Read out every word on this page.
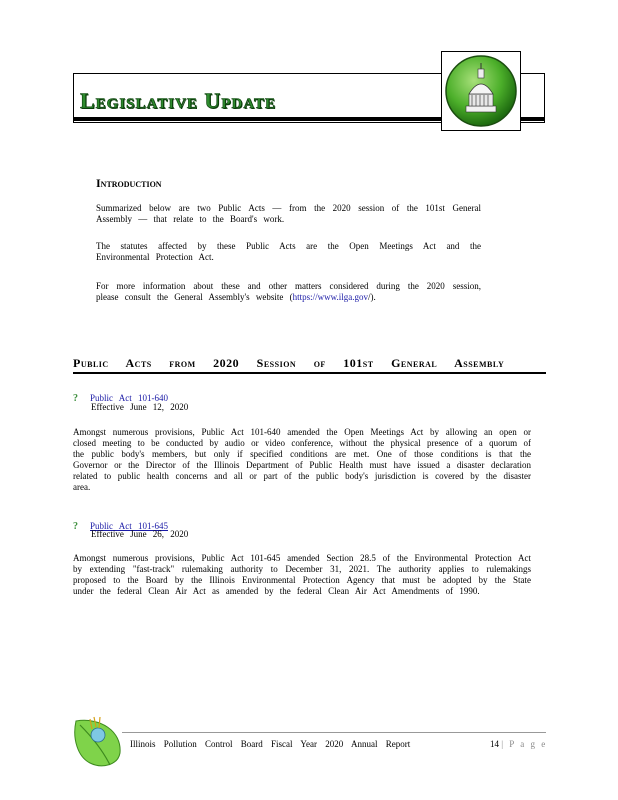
Legislative Update
Introduction
Summarized below are two Public Acts — from the 2020 session of the 101st General Assembly — that relate to the Board's work.
The statutes affected by these Public Acts are the Open Meetings Act and the Environmental Protection Act.
For more information about these and other matters considered during the 2020 session, please consult the General Assembly's website (https://www.ilga.gov/).
Public Acts from 2020 Session of 101st General Assembly
? Public Act 101-640
Effective June 12, 2020
Amongst numerous provisions, Public Act 101-640 amended the Open Meetings Act by allowing an open or closed meeting to be conducted by audio or video conference, without the physical presence of a quorum of the public body's members, but only if specified conditions are met. One of those conditions is that the Governor or the Director of the Illinois Department of Public Health must have issued a disaster declaration related to public health concerns and all or part of the public body's jurisdiction is covered by the disaster area.
? Public Act 101-645
Effective June 26, 2020
Amongst numerous provisions, Public Act 101-645 amended Section 28.5 of the Environmental Protection Act by extending "fast-track" rulemaking authority to December 31, 2021. The authority applies to rulemakings proposed to the Board by the Illinois Environmental Protection Agency that must be adopted by the State under the federal Clean Air Act as amended by the federal Clean Air Act Amendments of 1990.
Illinois Pollution Control Board Fiscal Year 2020 Annual Report	14 | P a g e
